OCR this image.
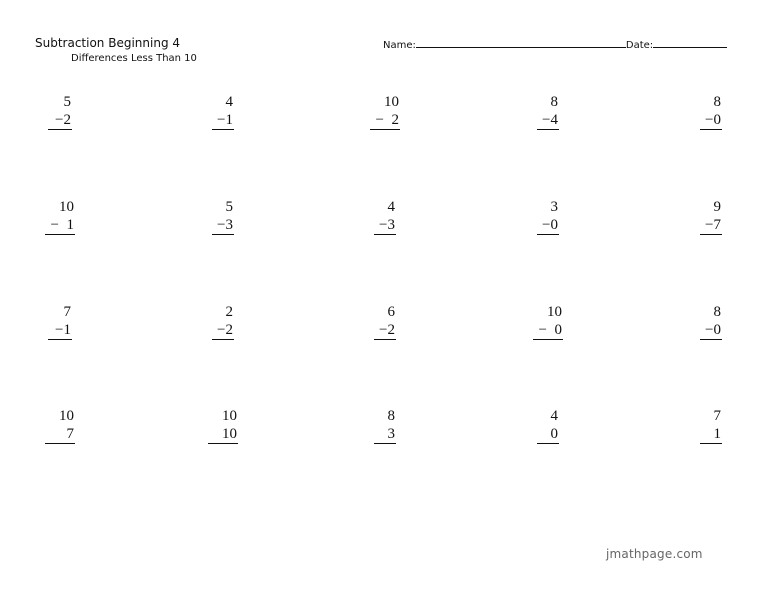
Subtraction Beginning 4
Differences Less Than 10
Name:	Date:
5
−2
4
−1
10
−  2
8
−4
8
−0
10
−  1
5
−3
4
−3
3
−0
9
−7
7
−1
2
−2
6
−2
10
−  0
8
−0
10
7
10
10
8
3
4
0
7
1
jmathpage.com
